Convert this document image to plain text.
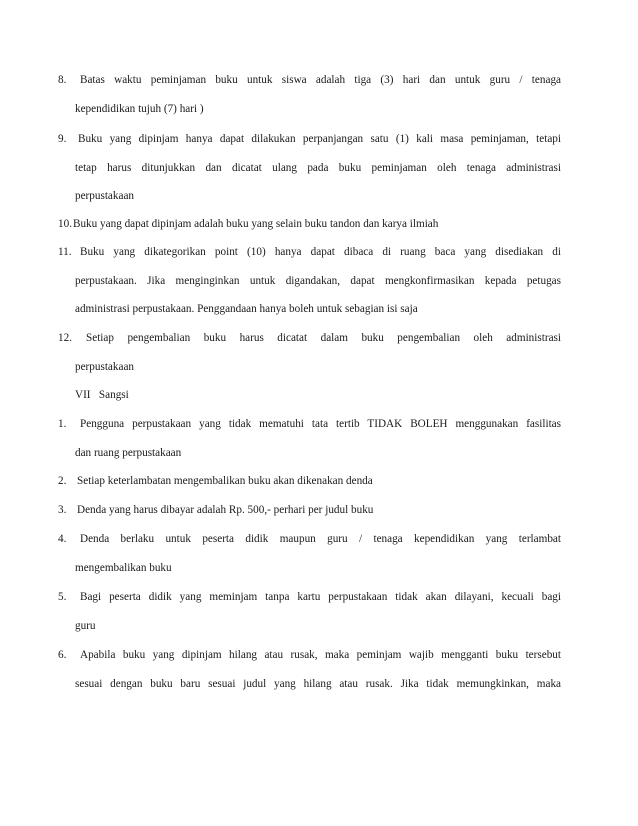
8. Batas waktu peminjaman buku untuk siswa adalah tiga (3) hari dan untuk guru / tenaga
kependidikan tujuh (7) hari )
9. Buku yang dipinjam hanya dapat dilakukan perpanjangan satu (1) kali masa peminjaman, tetapi
tetap harus ditunjukkan dan dicatat ulang pada buku peminjaman oleh tenaga administrasi
perpustakaan
10. Buku yang dapat dipinjam adalah buku yang selain buku tandon dan karya ilmiah
11. Buku yang dikategorikan point (10) hanya dapat dibaca di ruang baca yang disediakan di
perpustakaan. Jika menginginkan untuk digandakan, dapat mengkonfirmasikan kepada petugas
administrasi perpustakaan. Penggandaan hanya boleh untuk sebagian isi saja
12. Setiap pengembalian buku harus dicatat dalam buku pengembalian oleh administrasi
perpustakaan
VII   Sangsi
1. Pengguna perpustakaan yang tidak mematuhi tata tertib TIDAK BOLEH menggunakan fasilitas
dan ruang perpustakaan
2. Setiap keterlambatan mengembalikan buku akan dikenakan denda
3. Denda yang harus dibayar adalah Rp. 500,- perhari per judul buku
4. Denda berlaku untuk peserta didik maupun guru / tenaga kependidikan yang terlambat
mengembalikan buku
5. Bagi peserta didik yang meminjam tanpa kartu perpustakaan tidak akan dilayani, kecuali bagi
guru
6. Apabila buku yang dipinjam hilang atau rusak, maka peminjam wajib mengganti buku tersebut
sesuai dengan buku baru sesuai judul yang hilang atau rusak. Jika tidak memungkinkan, maka
